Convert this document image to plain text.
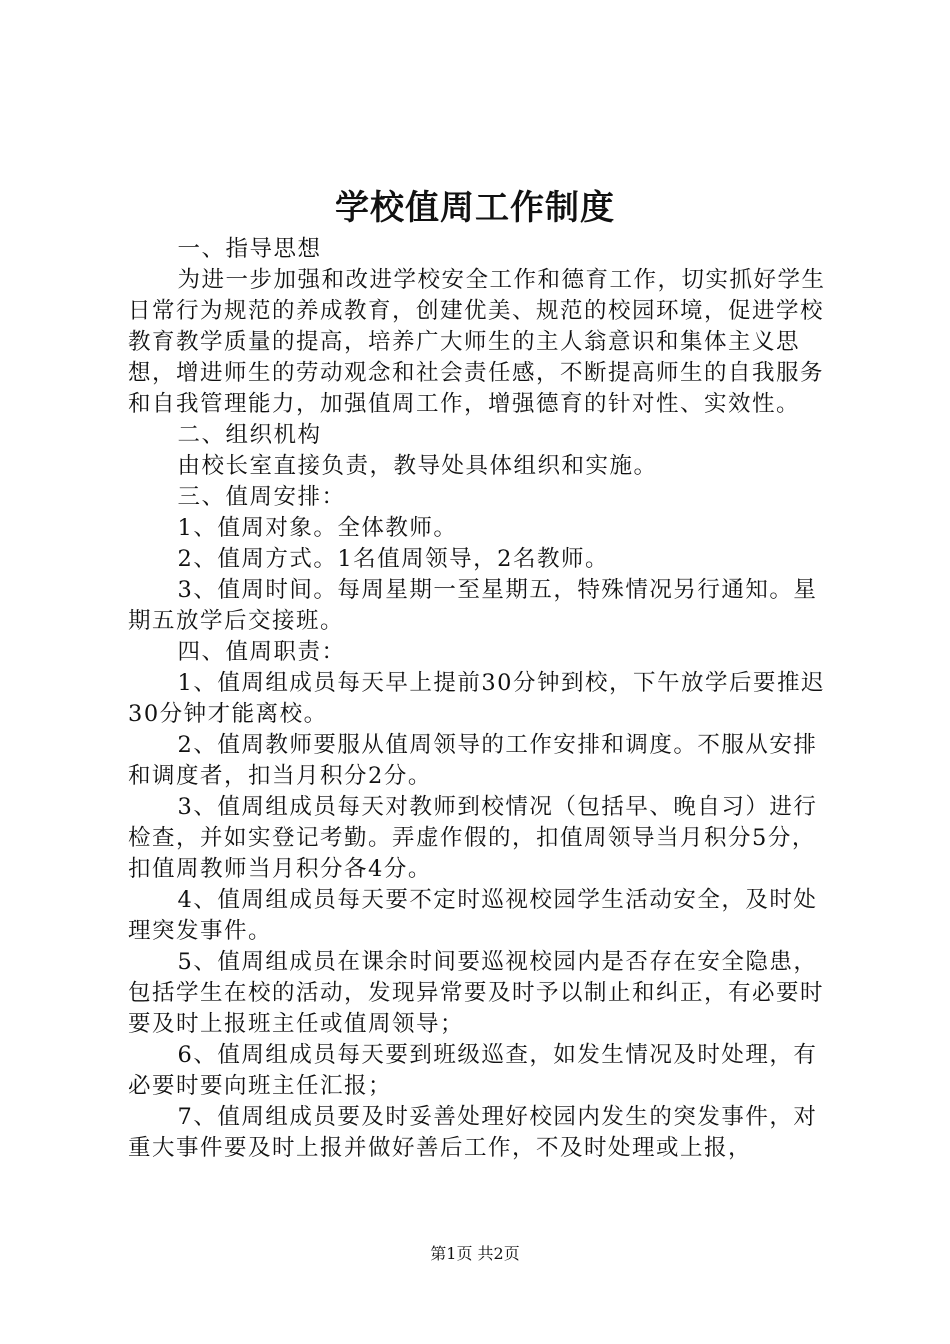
学校值周工作制度

一、指导思想

为进一步加强和改进学校安全工作和德育工作，切实抓好学生日常行为规范的养成教育，创建优美、规范的校园环境，促进学校教育教学质量的提高，培养广大师生的主人翁意识和集体主义思想，增进师生的劳动观念和社会责任感，不断提高师生的自我服务和自我管理能力，加强值周工作，增强德育的针对性、实效性。

二、组织机构

由校长室直接负责，教导处具体组织和实施。

三、值周安排：

1、值周对象。全体教师。

2、值周方式。1名值周领导，2名教师。

3、值周时间。每周星期一至星期五，特殊情况另行通知。星期五放学后交接班。

四、值周职责：

1、值周组成员每天早上提前30分钟到校，下午放学后要推迟30分钟才能离校。

2、值周教师要服从值周领导的工作安排和调度。不服从安排和调度者，扣当月积分2分。

3、值周组成员每天对教师到校情况（包括早、晚自习）进行检查，并如实登记考勤。弄虚作假的，扣值周领导当月积分5分，扣值周教师当月积分各4分。

4、值周组成员每天要不定时巡视校园学生活动安全，及时处理突发事件。

5、值周组成员在课余时间要巡视校园内是否存在安全隐患，包括学生在校的活动，发现异常要及时予以制止和纠正，有必要时要及时上报班主任或值周领导；

6、值周组成员每天要到班级巡查，如发生情况及时处理，有必要时要向班主任汇报；

7、值周组成员要及时妥善处理好校园内发生的突发事件，对重大事件要及时上报并做好善后工作，不及时处理或上报，

第1页 共2页
